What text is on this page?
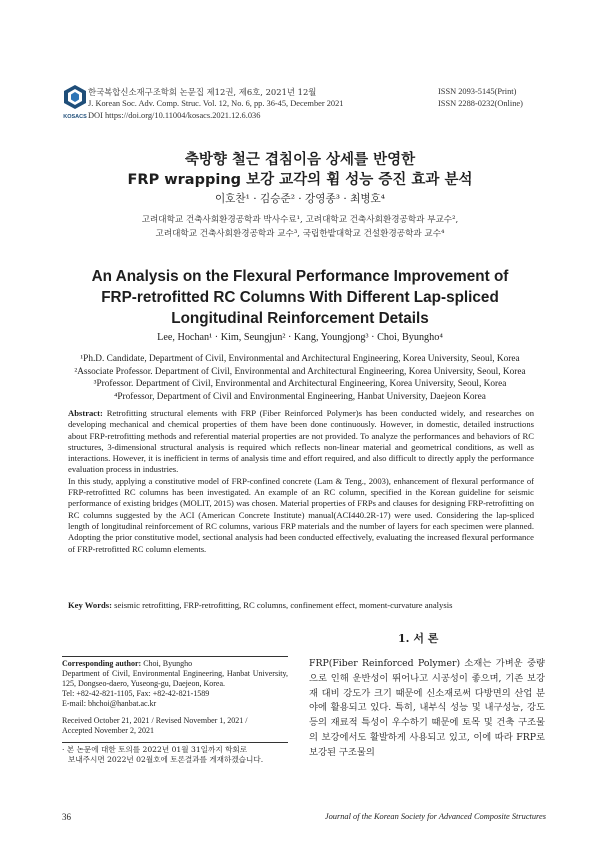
KOSACS
한국복합신소재구조학회 논문집 제12권, 제6호, 2021년 12월
J. Korean Soc. Adv. Comp. Struc. Vol. 12, No. 6, pp. 36-45, December 2021
DOI https://doi.org/10.11004/kosacs.2021.12.6.036
ISSN 2093-5145(Print)
ISSN 2288-0232(Online)
축방향 철근 겹침이음 상세를 반영한
FRP wrapping 보강 교각의 휨 성능 증진 효과 분석
이호찬¹ · 김승준² · 강영종³ · 최병호⁴
고려대학교 건축사회환경공학과 박사수료¹, 고려대학교 건축사회환경공학과 부교수²,
고려대학교 건축사회환경공학과 교수³, 국립한밭대학교 건설환경공학과 교수⁴
An Analysis on the Flexural Performance Improvement of
FRP-retrofitted RC Columns With Different Lap-spliced
Longitudinal Reinforcement Details
Lee, Hochan¹ · Kim, Seungjun² · Kang, Youngjong³ · Choi, Byungho⁴
¹Ph.D. Candidate, Department of Civil, Environmental and Architectural Engineering, Korea University, Seoul, Korea
²Associate Professor. Department of Civil, Environmental and Architectural Engineering, Korea University, Seoul, Korea
³Professor. Department of Civil, Environmental and Architectural Engineering, Korea University, Seoul, Korea
⁴Professor, Department of Civil and Environmental Engineering, Hanbat University, Daejeon Korea

Abstract: Retrofitting structural elements with FRP (Fiber Reinforced Polymer)s has been conducted widely, and researches on developing mechanical and chemical properties of them have been done continuously. However, in domestic, detailed instructions about FRP-retrofitting methods and referential material properties are not provided. To analyze the performances and behaviors of RC structures, 3-dimensional structural analysis is required which reflects non-linear material and geometrical conditions, as well as interactions. However, it is inefficient in terms of analysis time and effort required, and also difficult to directly apply the performance evaluation process in industries.

In this study, applying a constitutive model of FRP-confined concrete (Lam & Teng., 2003), enhancement of flexural performance of FRP-retrofitted RC columns has been investigated. An example of an RC column, specified in the Korean guideline for seismic performance of existing bridges (MOLIT, 2015) was chosen. Material properties of FRPs and clauses for designing FRP-retrofitting on RC columns suggested by the ACI (American Concrete Institute) manual(ACI440.2R-17) were used. Considering the lap-spliced length of longitudinal reinforcement of RC columns, various FRP materials and the number of layers for each specimen were planned. Adopting the prior constitutive model, sectional analysis had been conducted effectively, evaluating the increased flexural performance of FRP-retrofitted RC column elements.

Key Words: seismic retrofitting, FRP-retrofitting, RC columns, confinement effect, moment-curvature analysis
1. 서 론
FRP(Fiber Reinforced Polymer) 소재는 가벼운 중량으로 인해 운반성이 뛰어나고 시공성이 좋으며, 기존 보강재 대비 강도가 크기 때문에 신소재로써 다방면의 산업 분야에 활용되고 있다. 특히, 내부식 성능 및 내구성능, 강도 등의 재료적 특성이 우수하기 때문에 토목 및 건축 구조물의 보강에서도 활발하게 사용되고 있고, 이에 따라 FRP로 보강된 구조물의
Corresponding author: Choi, Byungho
Department of Civil, Environmental Engineering, Hanbat University, 125, Dongseo-daero, Yuseong-gu, Daejeon, Korea.
Tel: +82-42-821-1105, Fax: +82-42-821-1589
E-mail: bhchoi@hanbat.ac.kr
Received October 21, 2021 / Revised November 1, 2021 /
Accepted November 2, 2021
· 본 논문에 대한 토의를 2022년 01월 31일까지 학회로
보내주시면 2022년 02월호에 토론결과를 게재하겠습니다.
36	Journal of the Korean Society for Advanced Composite Structures
